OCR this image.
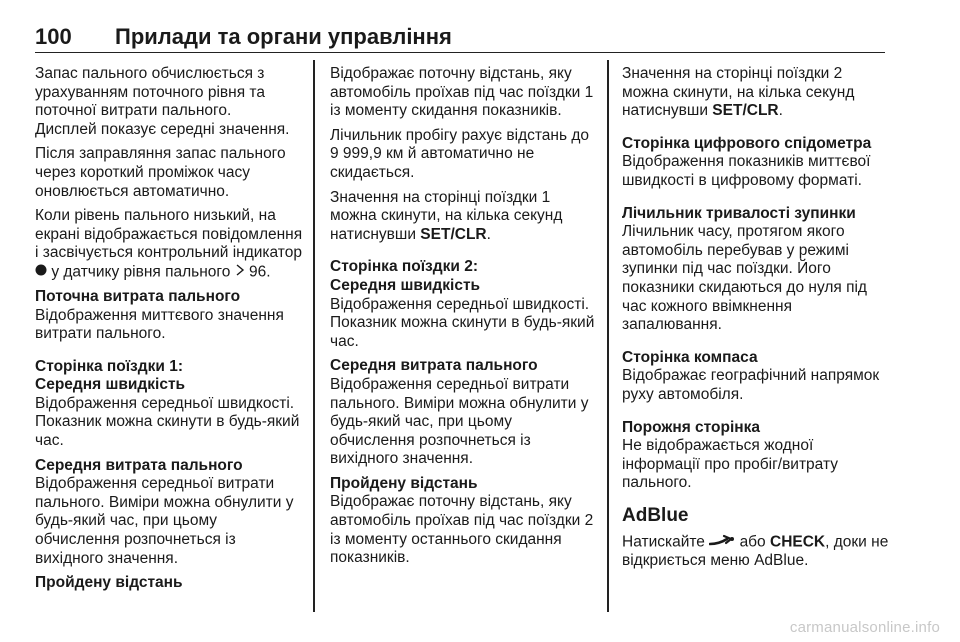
100 Прилади та органи управління

Запас пального обчислюється з урахуванням поточного рівня та поточної витрати пального.
Дисплей показує середні значення.

Після заправляння запас пального через короткий проміжок часу оновлюється автоматично.

Коли рівень пального низький, на екрані відображається повідомлення і засвічується контрольний індикатор  у датчику рівня пального 96.

Поточна витрата пального

Відображення миттєвого значення витрати пального.

Сторінка поїздки 1:

Середня швидкість

Відображення середньої швидкості. Показник можна скинути в будь-який час.

Середня витрата пального

Відображення середньої витрати пального. Виміри можна обнулити у будь-який час, при цьому обчислення розпочнеться із вихідного значення.

Пройдену відстань

Відображає поточну відстань, яку автомобіль проїхав під час поїздки 1 із моменту скидання показників.

Лічильник пробігу рахує відстань до 9 999,9 км й автоматично не скидається.

Значення на сторінці поїздки 1 можна скинути, на кілька секунд натиснувши SET/CLR.

Сторінка поїздки 2:

Середня швидкість

Відображення середньої швидкості. Показник можна скинути в будь-який час.

Середня витрата пального

Відображення середньої витрати пального. Виміри можна обнулити у будь-який час, при цьому обчислення розпочнеться із вихідного значення.

Пройдену відстань

Відображає поточну відстань, яку автомобіль проїхав під час поїздки 2 із моменту останнього скидання показників.

Значення на сторінці поїздки 2 можна скинути, на кілька секунд натиснувши SET/CLR.

Сторінка цифрового спідометра

Відображення показників миттєвої швидкості в цифровому форматі.

Лічильник тривалості зупинки

Лічильник часу, протягом якого автомобіль перебував у режимі зупинки під час поїздки. Його показники скидаються до нуля під час кожного ввімкнення запалювання.

Сторінка компаса

Відображає географічний напрямок руху автомобіля.

Порожня сторінка

Не відображається жодної інформації про пробіг/витрату пального.

AdBlue

Натискайте або CHECK, доки не відкриється меню AdBlue.

carmanualsonline.info
